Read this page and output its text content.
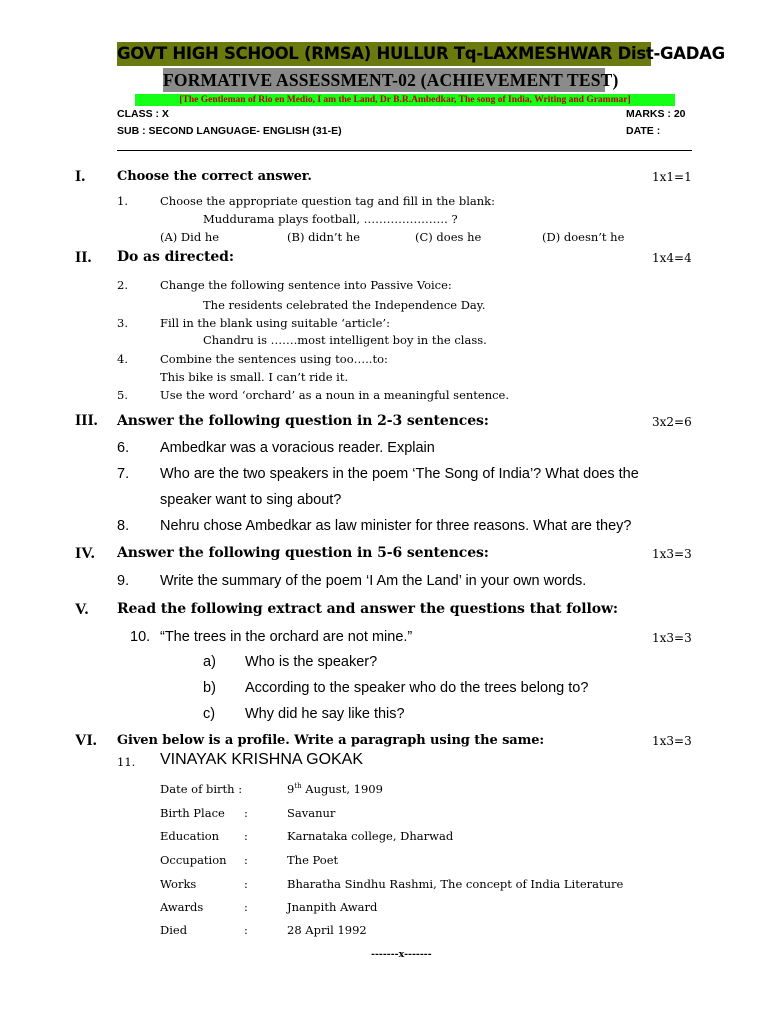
GOVT HIGH SCHOOL (RMSA) HULLUR Tq-LAXMESHWAR Dist-GADAG
FORMATIVE ASSESSMENT-02 (ACHIEVEMENT TEST)
[The Gentleman of Rio en Medio, I am the Land, Dr B.R.Ambedkar, The song of India, Writing and Grammar]
CLASS : X	MARKS : 20
SUB : SECOND LANGUAGE- ENGLISH (31-E)	DATE :
I. Choose the correct answer.	1x1=1
1.	Choose the appropriate question tag and fill in the blank:
Muddurama plays football, …………………. ?
(A) Did he	(B) didn’t he	(C) does he	(D) doesn’t he
II. Do as directed:	1x4=4
2.	Change the following sentence into Passive Voice:
The residents celebrated the Independence Day.
3.	Fill in the blank using suitable ‘article’:
Chandru is …….most intelligent boy in the class.
4.	Combine the sentences using too…..to:
This bike is small. I can’t ride it.
5.	Use the word ‘orchard’ as a noun in a meaningful sentence.
III. Answer the following question in 2-3 sentences:	3x2=6
6. Ambedkar was a voracious reader. Explain
7. Who are the two speakers in the poem ‘The Song of India’? What does the
speaker want to sing about?
8. Nehru chose Ambedkar as law minister for three reasons. What are they?
IV. Answer the following question in 5-6 sentences:	1x3=3
9. Write the summary of the poem ‘I Am the Land’ in your own words.
V. Read the following extract and answer the questions that follow:
10. “The trees in the orchard are not mine.”	1x3=3
a) Who is the speaker?
b) According to the speaker who do the trees belong to?
c) Why did he say like this?
VI. Given below is a profile. Write a paragraph using the same:	1x3=3
11. VINAYAK KRISHNA GOKAK
Date of birth :	9th August, 1909
Birth Place :	Savanur
Education :	Karnataka college, Dharwad
Occupation :	The Poet
Works	:	Bharatha Sindhu Rashmi, The concept of India Literature
Awards	:	Jnanpith Award
Died	:	28 April 1992
-------x-------
